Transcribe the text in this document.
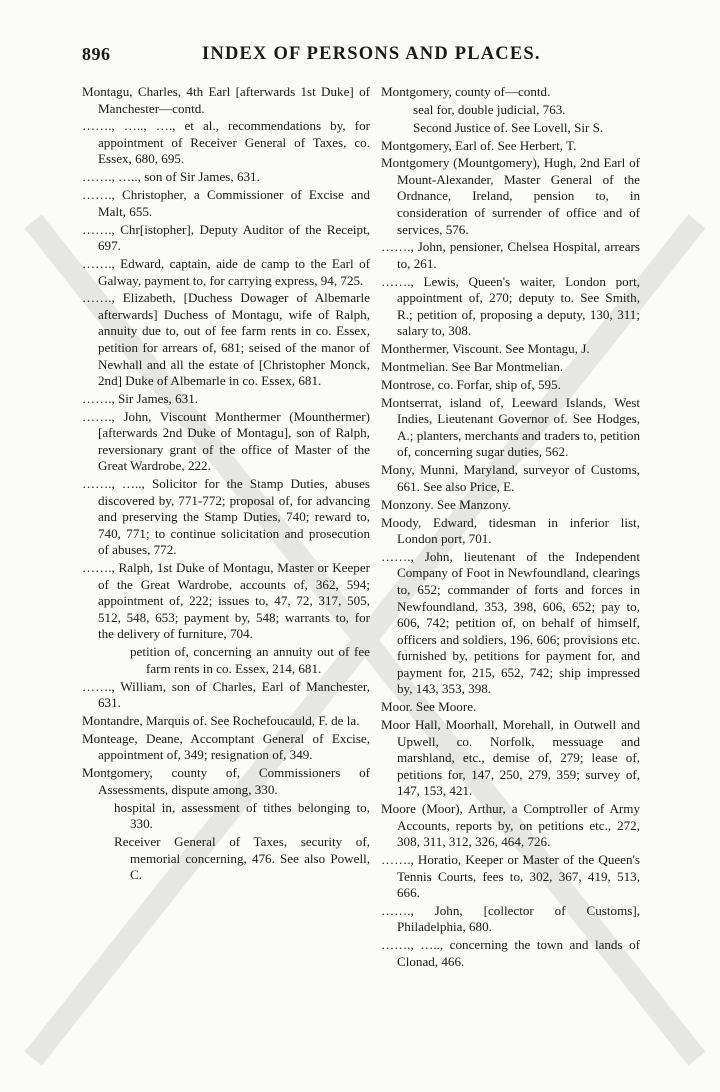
896	INDEX OF PERSONS AND PLACES.

Montagu, Charles, 4th Earl [afterwards 1st Duke] of Manchester—contd.

……., ….., …., et al., recommendations by, for appointment of Receiver General of Taxes, co. Essex, 680, 695.

……., ….., son of Sir James, 631.

……., Christopher, a Commissioner of Excise and Malt, 655.

……., Chr[istopher], Deputy Auditor of the Receipt, 697.

……., Edward, captain, aide de camp to the Earl of Galway, payment to, for carrying express, 94, 725.

……., Elizabeth, [Duchess Dowager of Albemarle afterwards] Duchess of Montagu, wife of Ralph, annuity due to, out of fee farm rents in co. Essex, petition for arrears of, 681; seised of the manor of Newhall and all the estate of [Christopher Monck, 2nd] Duke of Albemarle in co. Essex, 681.

……., Sir James, 631.

……., John, Viscount Monthermer (Mounthermer) [afterwards 2nd Duke of Montagu], son of Ralph, reversionary grant of the office of Master of the Great Wardrobe, 222.

……., ….., Solicitor for the Stamp Duties, abuses discovered by, 771-772; proposal of, for advancing and preserving the Stamp Duties, 740; reward to, 740, 771; to continue solicitation and prosecution of abuses, 772.

……., Ralph, 1st Duke of Montagu, Master or Keeper of the Great Wardrobe, accounts of, 362, 594; appointment of, 222; issues to, 47, 72, 317, 505, 512, 548, 653; payment by, 548; warrants to, for the delivery of furniture, 704.

petition of, concerning an annuity out of fee farm rents in co. Essex, 214, 681.

……., William, son of Charles, Earl of Manchester, 631.

Montandre, Marquis of. See Rochefoucauld, F. de la.

Monteage, Deane, Accomptant General of Excise, appointment of, 349; resignation of, 349.

Montgomery, county of, Commissioners of Assessments, dispute among, 330.

hospital in, assessment of tithes belonging to, 330.

Receiver General of Taxes, security of, memorial concerning, 476. See also Powell, C.

Montgomery, county of—contd.

seal for, double judicial, 763.

Second Justice of. See Lovell, Sir S.

Montgomery, Earl of. See Herbert, T.

Montgomery (Mountgomery), Hugh, 2nd Earl of Mount-Alexander, Master General of the Ordnance, Ireland, pension to, in consideration of surrender of office and of services, 576.

……., John, pensioner, Chelsea Hospital, arrears to, 261.

……., Lewis, Queen's waiter, London port, appointment of, 270; deputy to. See Smith, R.; petition of, proposing a deputy, 130, 311; salary to, 308.

Monthermer, Viscount. See Montagu, J.

Montmelian. See Bar Montmelian.

Montrose, co. Forfar, ship of, 595.

Montserrat, island of, Leeward Islands, West Indies, Lieutenant Governor of. See Hodges, A.; planters, merchants and traders to, petition of, concerning sugar duties, 562.

Mony, Munni, Maryland, surveyor of Customs, 661. See also Price, E.

Monzony. See Manzony.

Moody, Edward, tidesman in inferior list, London port, 701.

……., John, lieutenant of the Independent Company of Foot in Newfoundland, clearings to, 652; commander of forts and forces in Newfoundland, 353, 398, 606, 652; pay to, 606, 742; petition of, on behalf of himself, officers and soldiers, 196, 606; provisions etc. furnished by, petitions for payment for, and payment for, 215, 652, 742; ship impressed by, 143, 353, 398.

Moor. See Moore.

Moor Hall, Moorhall, Morehall, in Outwell and Upwell, co. Norfolk, messuage and marshland, etc., demise of, 279; lease of, petitions for, 147, 250, 279, 359; survey of, 147, 153, 421.

Moore (Moor), Arthur, a Comptroller of Army Accounts, reports by, on petitions etc., 272, 308, 311, 312, 326, 464, 726.

……., Horatio, Keeper or Master of the Queen's Tennis Courts, fees to, 302, 367, 419, 513, 666.

……., John, [collector of Customs], Philadelphia, 680.

……., ….., concerning the town and lands of Clonad, 466.
